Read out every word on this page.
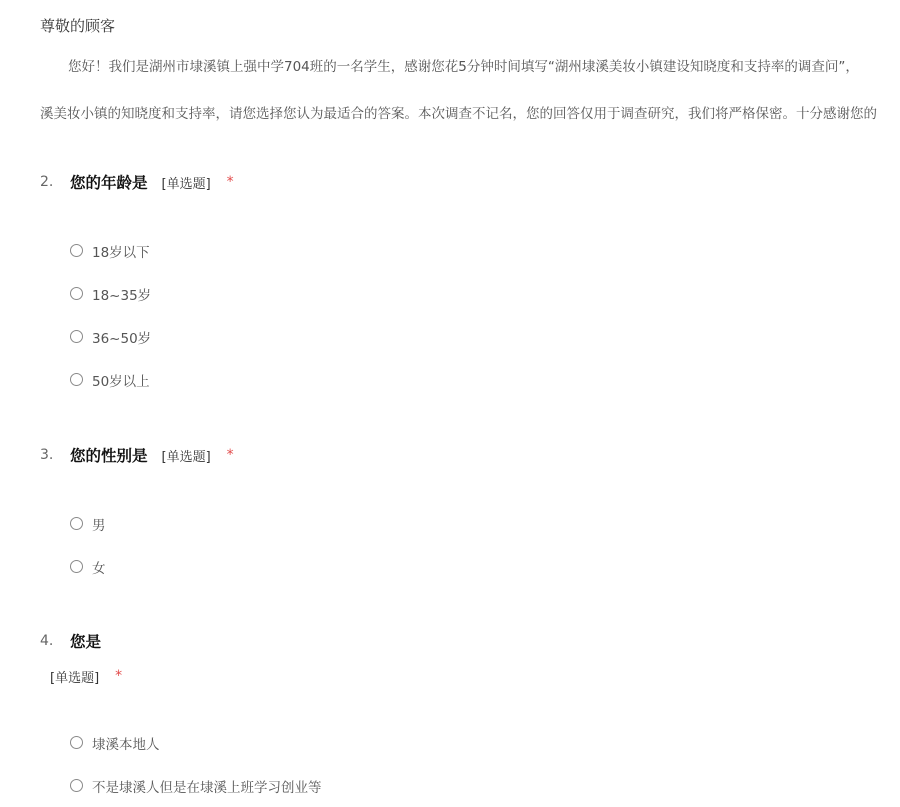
尊敬的顾客

您好！我们是湖州市埭溪镇上强中学704班的一名学生，感谢您花5分钟时间填写“湖州埭溪美妆小镇建设知晓度和支持率的调查问”，

溪美妆小镇的知晓度和支持率，请您选择您认为最适合的答案。本次调查不记名，您的回答仅用于调查研究，我们将严格保密。十分感谢您的

2.	您的年龄是 [单选题] *
18岁以下
18~35岁
36~50岁
50岁以上
3.	您的性别是 [单选题] *
男
女
4.	您是
[单选题] *
埭溪本地人
不是埭溪人但是在埭溪上班学习创业等
